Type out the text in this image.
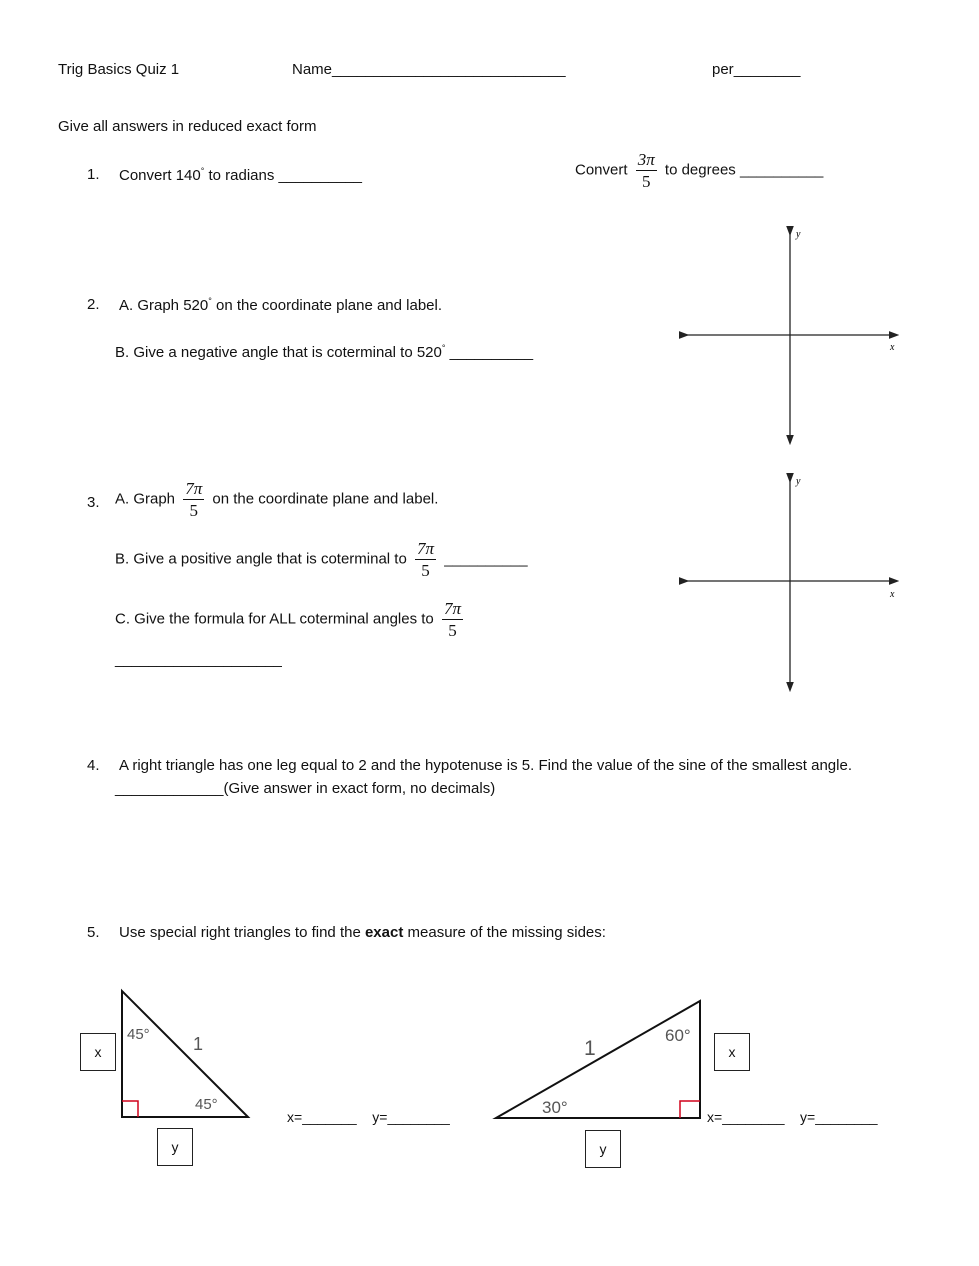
Trig Basics Quiz 1	Name____________________________	per________
Give all answers in reduced exact form
1. Convert 140° to radians __________	Convert $\frac{3\pi}{5}$ to degrees __________
2. A. Graph 520° on the coordinate plane and label.
B. Give a negative angle that is coterminal to 520° __________	x
y
3. A. Graph $\frac{7\pi}{5}$ on the coordinate plane and label.
B. Give a positive angle that is coterminal to $\frac{7\pi}{5}$ __________
C. Give the formula for ALL coterminal angles to $\frac{7\pi}{5}$
____________________
x
y
4. A right triangle has one leg equal to 2 and the hypotenuse is 5. Find the value of the sine of the smallest angle.
_____________(Give answer in exact form, no decimals)
5. Use special right triangles to find the exact measure of the missing sides:
45°
45°
1
x
y
x=_______ y=________
60°
30°
1	x
y
x=________ y=________
